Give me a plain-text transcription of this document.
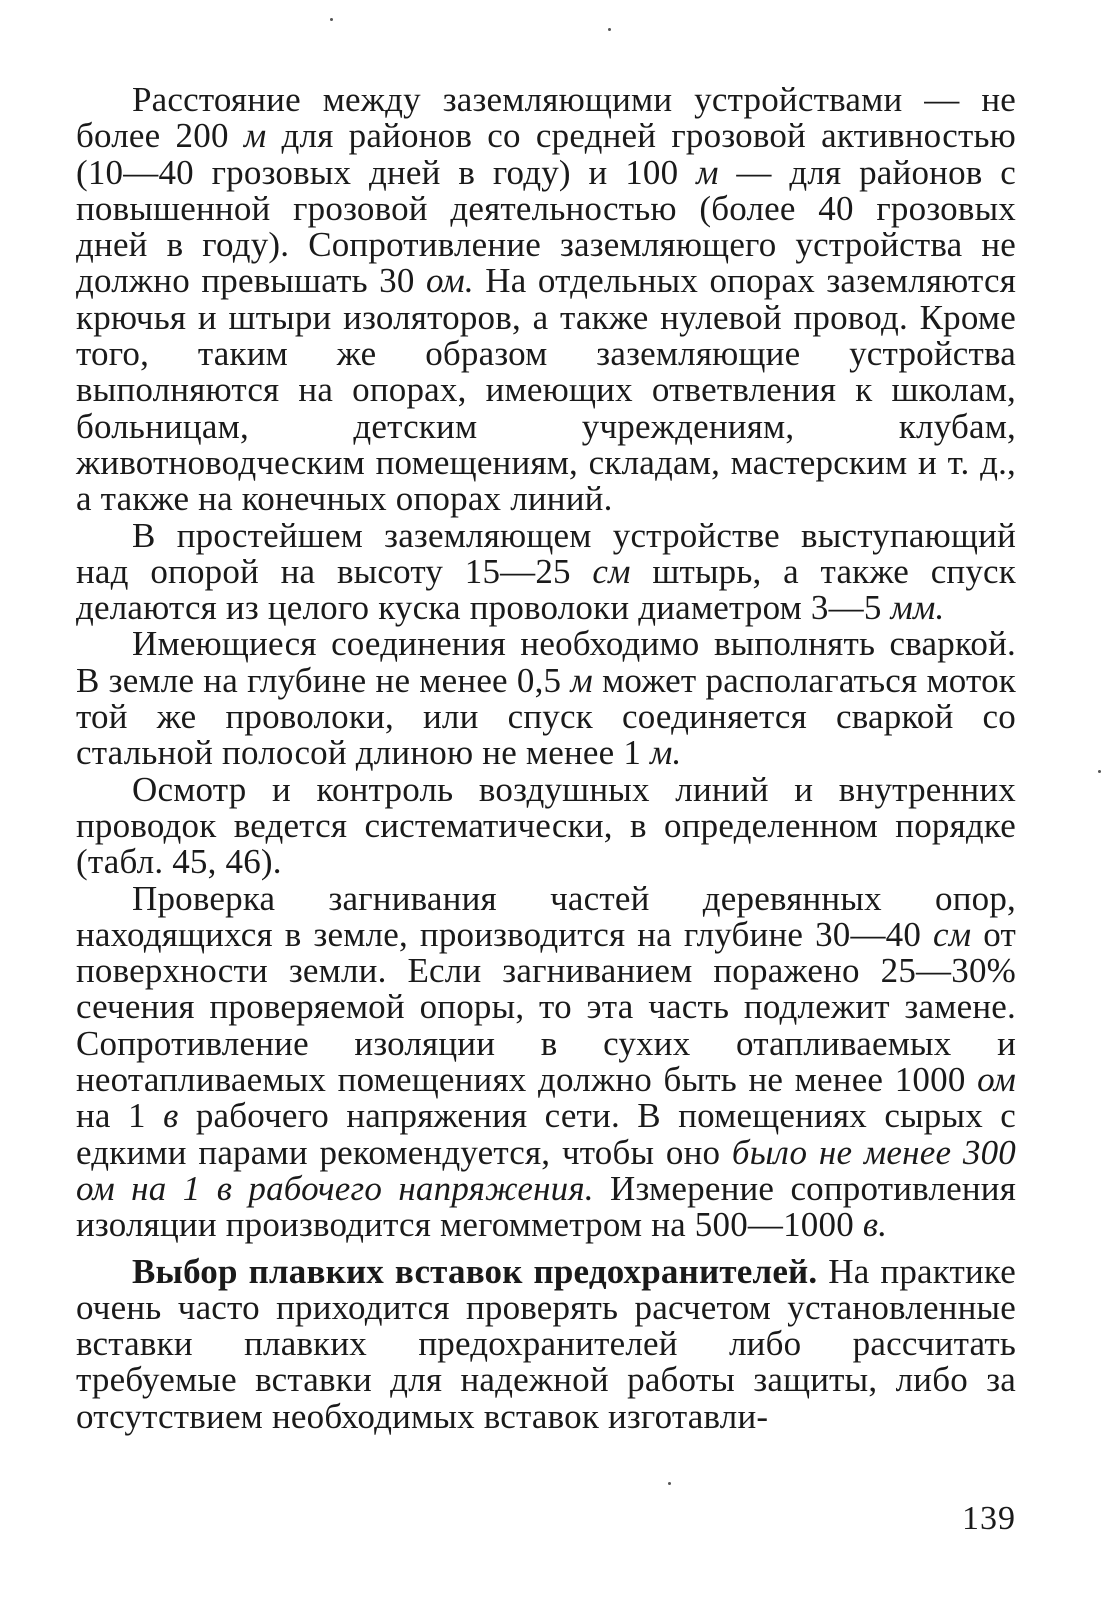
Расстояние между заземляющими устройствами — не более 200 м для районов со средней грозовой активностью (10—40 грозовых дней в году) и 100 м — для районов с повышенной грозовой деятельностью (более 40 грозовых дней в году). Сопротивление заземляющего устройства не должно превышать 30 ом. На отдельных опорах заземляются крючья и штыри изоляторов, а также нулевой провод. Кроме того, таким же образом заземляющие устройства выполняются на опорах, имеющих ответвления к школам, больницам, детским учреждениям, клубам, животноводческим помещениям, складам, мастерским и т. д., а также на конечных опорах линий.

В простейшем заземляющем устройстве выступающий над опорой на высоту 15—25 см штырь, а также спуск делаются из целого куска проволоки диаметром 3—5 мм.

Имеющиеся соединения необходимо выполнять сваркой. В земле на глубине не менее 0,5 м может располагаться моток той же проволоки, или спуск соединяется сваркой со стальной полосой длиною не менее 1 м.

Осмотр и контроль воздушных линий и внутренних проводок ведется систематически, в определенном порядке (табл. 45, 46).

Проверка загнивания частей деревянных опор, находящихся в земле, производится на глубине 30—40 см от поверхности земли. Если загниванием поражено 25—30% сечения проверяемой опоры, то эта часть подлежит замене. Сопротивление изоляции в сухих отапливаемых и неотапливаемых помещениях должно быть не менее 1000 ом на 1 в рабочего напряжения сети. В помещениях сырых с едкими парами рекомендуется, чтобы оно было не менее 300 ом на 1 в рабочего напряжения. Измерение сопротивления изоляции производится мегомметром на 500—1000 в.

Выбор плавких вставок предохранителей. На практике очень часто приходится проверять расчетом установленные вставки плавких предохранителей либо рассчитать требуемые вставки для надежной работы защиты, либо за отсутствием необходимых вставок изготавли-

139
